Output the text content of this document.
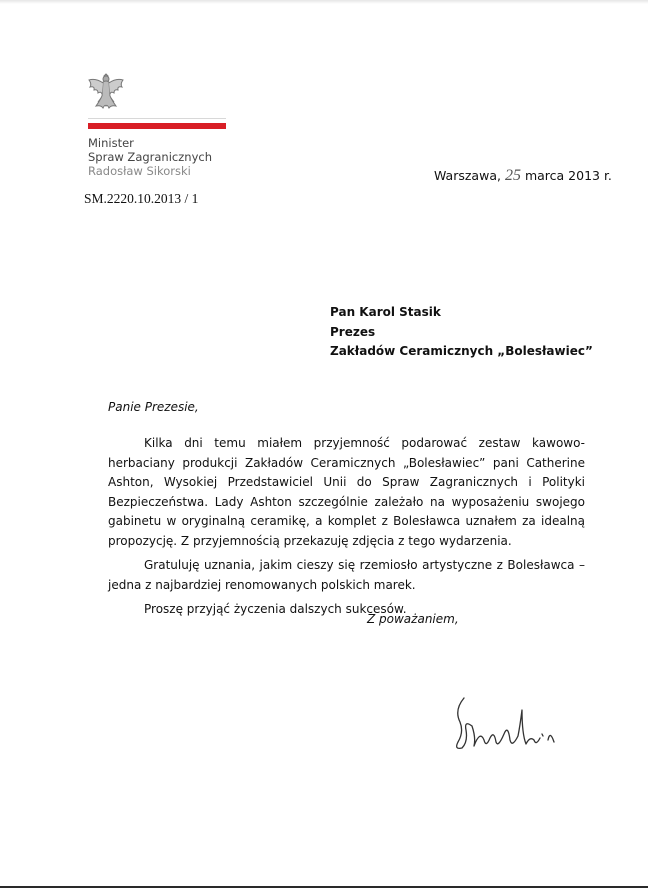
Minister
Spraw Zagranicznych
Radosław Sikorski	Warszawa, 25 marca 2013 r.
SM.2220.10.2013 / 1
Pan Karol Stasik
Prezes
Zakładów Ceramicznych „Bolesławiec”
Panie Prezesie,

Kilka dni temu miałem przyjemność podarować zestaw kawowo-herbaciany produkcji Zakładów Ceramicznych „Bolesławiec” pani Catherine Ashton, Wysokiej Przedstawiciel Unii do Spraw Zagranicznych i Polityki Bezpieczeństwa. Lady Ashton szczególnie zależało na wyposażeniu swojego gabinetu w oryginalną ceramikę, a komplet z Bolesławca uznałem za idealną propozycję. Z przyjemnością przekazuję zdjęcia z tego wydarzenia.

Gratuluję uznania, jakim cieszy się rzemiosło artystyczne z Bolesławca – jedna z najbardziej renomowanych polskich marek.

Proszę przyjąć życzenia dalszych sukcesów.

Z poważaniem,
